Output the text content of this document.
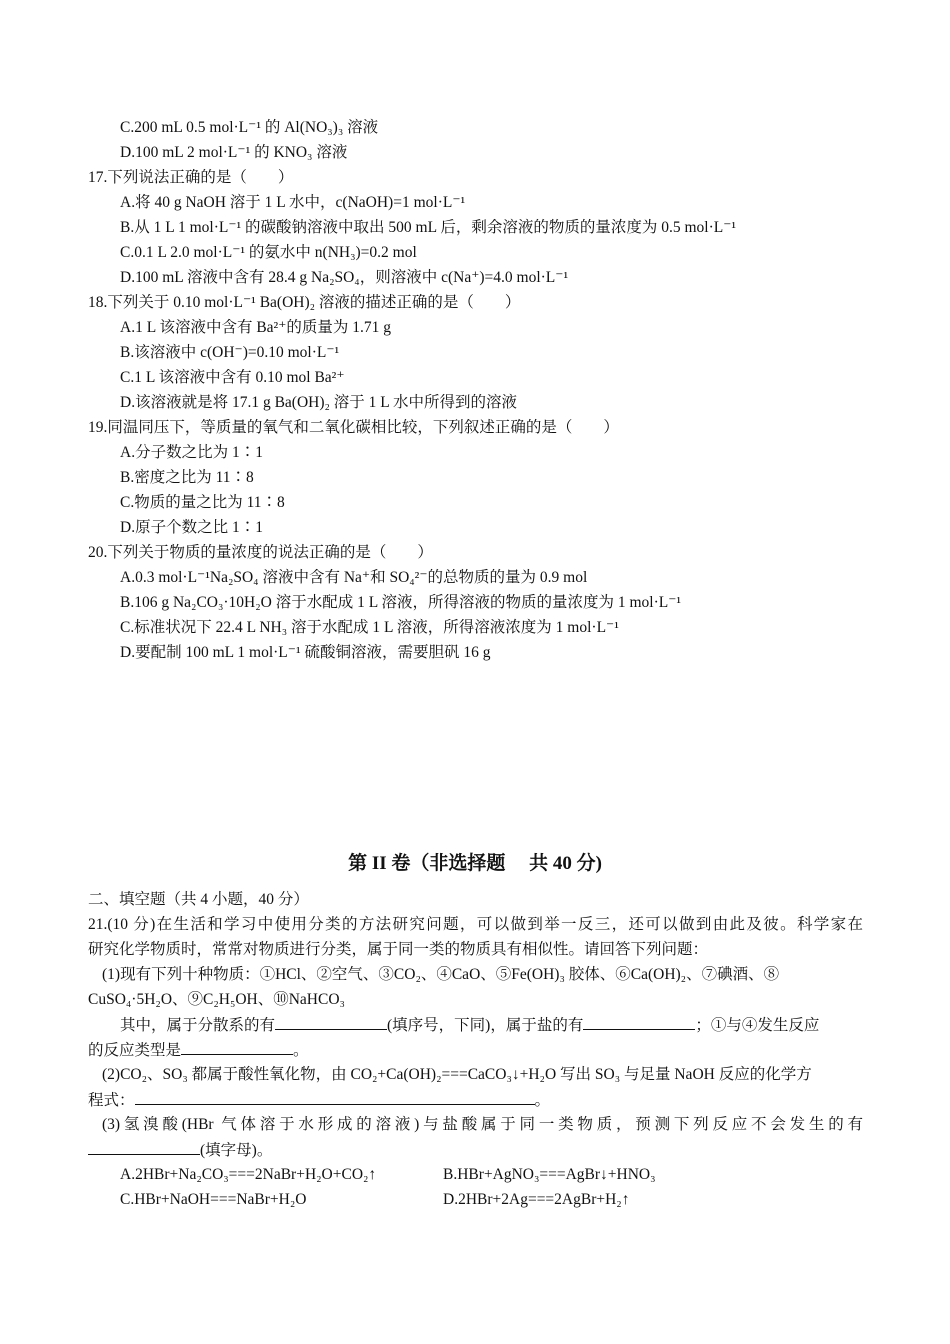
C.200 mL 0.5 mol·L⁻¹ 的 Al(NO₃)₃ 溶液
D.100 mL 2 mol·L⁻¹ 的 KNO₃ 溶液
17.下列说法正确的是（　　）
A.将 40 g NaOH 溶于 1 L 水中，c(NaOH)=1 mol·L⁻¹
B.从 1 L 1 mol·L⁻¹ 的碳酸钠溶液中取出 500 mL 后，剩余溶液的物质的量浓度为 0.5 mol·L⁻¹
C.0.1 L 2.0 mol·L⁻¹ 的氨水中 n(NH₃)=0.2 mol
D.100 mL 溶液中含有 28.4 g Na₂SO₄，则溶液中 c(Na⁺)=4.0 mol·L⁻¹
18.下列关于 0.10 mol·L⁻¹ Ba(OH)₂ 溶液的描述正确的是（　　）
A.1 L 该溶液中含有 Ba²⁺的质量为 1.71 g
B.该溶液中 c(OH⁻)=0.10 mol·L⁻¹
C.1 L 该溶液中含有 0.10 mol Ba²⁺
D.该溶液就是将 17.1 g Ba(OH)₂ 溶于 1 L 水中所得到的溶液
19.同温同压下，等质量的氧气和二氧化碳相比较，下列叙述正确的是（　　）
A.分子数之比为 1∶1
B.密度之比为 11∶8
C.物质的量之比为 11∶8
D.原子个数之比 1∶1
20.下列关于物质的量浓度的说法正确的是（　　）
A.0.3 mol·L⁻¹Na₂SO₄ 溶液中含有 Na⁺和 SO₄²⁻的总物质的量为 0.9 mol
B.106 g Na₂CO₃·10H₂O 溶于水配成 1 L 溶液，所得溶液的物质的量浓度为 1 mol·L⁻¹
C.标准状况下 22.4 L NH₃ 溶于水配成 1 L 溶液，所得溶液浓度为 1 mol·L⁻¹
D.要配制 100 mL 1 mol·L⁻¹ 硫酸铜溶液，需要胆矾 16 g
第 II 卷（非选择题　 共 40 分)
二、填空题（共 4 小题，40 分）
21.(10 分)在生活和学习中使用分类的方法研究问题，可以做到举一反三，还可以做到由此及彼。科学家在
研究化学物质时，常常对物质进行分类，属于同一类的物质具有相似性。请回答下列问题：
(1)现有下列十种物质：①HCl、②空气、③CO₂、④CaO、⑤Fe(OH)₃ 胶体、⑥Ca(OH)₂、⑦碘酒、⑧
CuSO₄·5H₂O、⑨C₂H₅OH、⑩NaHCO₃
其中，属于分散系的有	(填序号，下同)，属于盐的有	；①与④发生反应
的反应类型是	。
(2)CO₂、SO₃ 都属于酸性氧化物，由 CO₂+Ca(OH)₂===CaCO₃↓+H₂O 写出 SO₃ 与足量 NaOH 反应的化学方
程式：	。
(3)氢溴酸(HBr 气体溶于水形成的溶液)与盐酸属于同一类物质，预测下列反应不会发生的有
(填字母)。
A.2HBr+Na₂CO₃===2NaBr+H₂O+CO₂↑	B.HBr+AgNO₃===AgBr↓+HNO₃
C.HBr+NaOH===NaBr+H₂O	D.2HBr+2Ag===2AgBr+H₂↑
